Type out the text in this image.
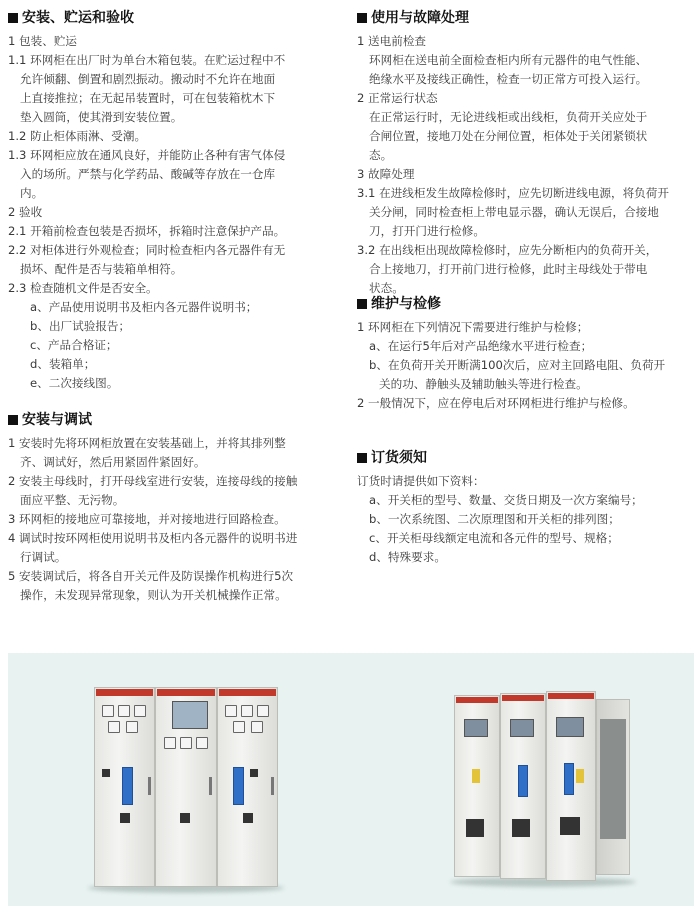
安装、贮运和验收
1 包装、贮运
1.1 环网柜在出厂时为单台木箱包装。在贮运过程中不
允许倾翻、倒置和剧烈振动。搬动时不允许在地面
上直接推拉；在无起吊装置时，可在包装箱枕木下
垫入圆筒，使其滑到安装位置。
1.2 防止柜体雨淋、受潮。
1.3 环网柜应放在通风良好，并能防止各种有害气体侵
入的场所。严禁与化学药品、酸碱等存放在一仓库
内。
2 验收
2.1 开箱前检查包装是否损坏，拆箱时注意保护产品。
2.2 对柜体进行外观检查；同时检查柜内各元器件有无
损坏、配件是否与装箱单相符。
2.3 检查随机文件是否安全。
a、产品使用说明书及柜内各元器件说明书；
b、出厂试验报告；
c、产品合格证；
d、装箱单；
e、二次接线图。
安装与调试
1 安装时先将环网柜放置在安装基础上，并将其排列整
齐、调试好，然后用紧固件紧固好。
2 安装主母线时，打开母线室进行安装，连接母线的接触
面应平整、无污物。
3 环网柜的接地应可靠接地，并对接地进行回路检查。
4 调试时按环网柜使用说明书及柜内各元器件的说明书进
行调试。
5 安装调试后，将各自开关元件及防误操作机构进行5次
操作，未发现异常现象，则认为开关机械操作正常。
使用与故障处理
1 送电前检查
环网柜在送电前全面检查柜内所有元器件的电气性能、
绝缘水平及接线正确性，检查一切正常方可投入运行。
2 正常运行状态
在正常运行时，无论进线柜或出线柜，负荷开关应处于
合闸位置，接地刀处在分闸位置，柜体处于关闭紧锁状
态。
3 故障处理
3.1 在进线柜发生故障检修时，应先切断进线电源，将负荷开
关分闸，同时检查柜上带电显示器，确认无误后，合接地
刀，打开门进行检修。
3.2 在出线柜出现故障检修时，应先分断柜内的负荷开关，
合上接地刀，打开前门进行检修，此时主母线处于带电
状态。
维护与检修
1 环网柜在下列情况下需要进行维护与检修；
a、在运行5年后对产品绝缘水平进行检查；
b、在负荷开关开断满100次后，应对主回路电阻、负荷开
关的功、静触头及辅助触头等进行检查。
2 一般情况下，应在停电后对环网柜进行维护与检修。
订货须知
订货时请提供如下资料：
a、开关柜的型号、数量、交货日期及一次方案编号；
b、一次系统图、二次原理图和开关柜的排列图；
c、开关柜母线额定电流和各元件的型号、规格；
d、特殊要求。
